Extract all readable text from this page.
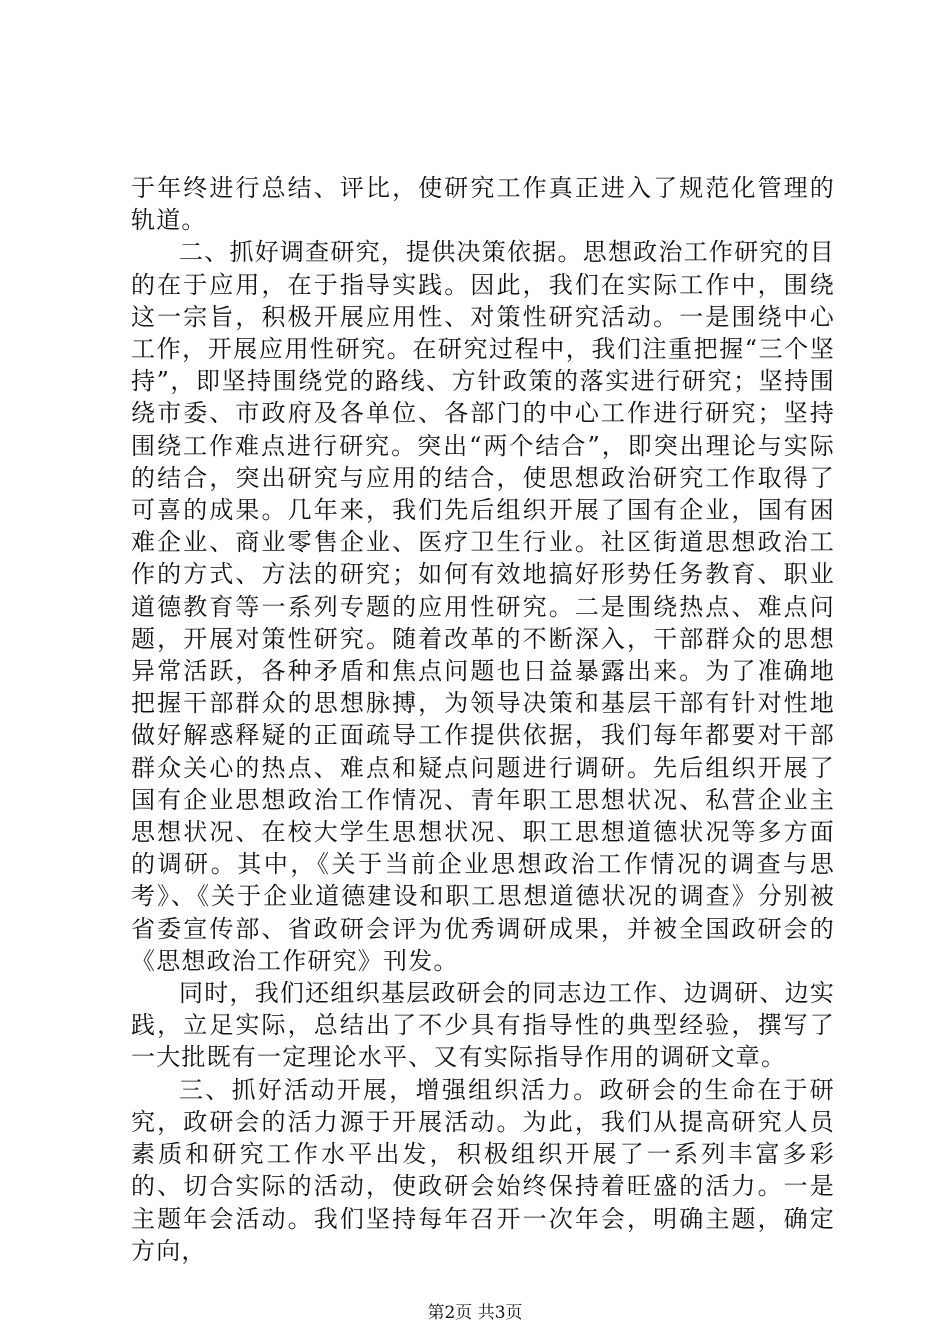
于年终进行总结、评比，使研究工作真正进入了规范化管理的轨道。

二、抓好调查研究，提供决策依据。思想政治工作研究的目的在于应用，在于指导实践。因此，我们在实际工作中，围绕这一宗旨，积极开展应用性、对策性研究活动。一是围绕中心工作，开展应用性研究。在研究过程中，我们注重把握“三个坚持”，即坚持围绕党的路线、方针政策的落实进行研究；坚持围绕市委、市政府及各单位、各部门的中心工作进行研究；坚持围绕工作难点进行研究。突出“两个结合”，即突出理论与实际的结合，突出研究与应用的结合，使思想政治研究工作取得了可喜的成果。几年来，我们先后组织开展了国有企业，国有困难企业、商业零售企业、医疗卫生行业。社区街道思想政治工作的方式、方法的研究；如何有效地搞好形势任务教育、职业道德教育等一系列专题的应用性研究。二是围绕热点、难点问题，开展对策性研究。随着改革的不断深入，干部群众的思想异常活跃，各种矛盾和焦点问题也日益暴露出来。为了准确地把握干部群众的思想脉搏，为领导决策和基层干部有针对性地做好解惑释疑的正面疏导工作提供依据，我们每年都要对干部群众关心的热点、难点和疑点问题进行调研。先后组织开展了国有企业思想政治工作情况、青年职工思想状况、私营企业主思想状况、在校大学生思想状况、职工思想道德状况等多方面的调研。其中，《关于当前企业思想政治工作情况的调查与思考》、《关于企业道德建设和职工思想道德状况的调查》分别被省委宣传部、省政研会评为优秀调研成果，并被全国政研会的《思想政治工作研究》刊发。

同时，我们还组织基层政研会的同志边工作、边调研、边实践，立足实际，总结出了不少具有指导性的典型经验，撰写了一大批既有一定理论水平、又有实际指导作用的调研文章。

三、抓好活动开展，增强组织活力。政研会的生命在于研究，政研会的活力源于开展活动。为此，我们从提高研究人员素质和研究工作水平出发，积极组织开展了一系列丰富多彩的、切合实际的活动，使政研会始终保持着旺盛的活力。一是主题年会活动。我们坚持每年召开一次年会，明确主题，确定方向，

第2页 共3页
